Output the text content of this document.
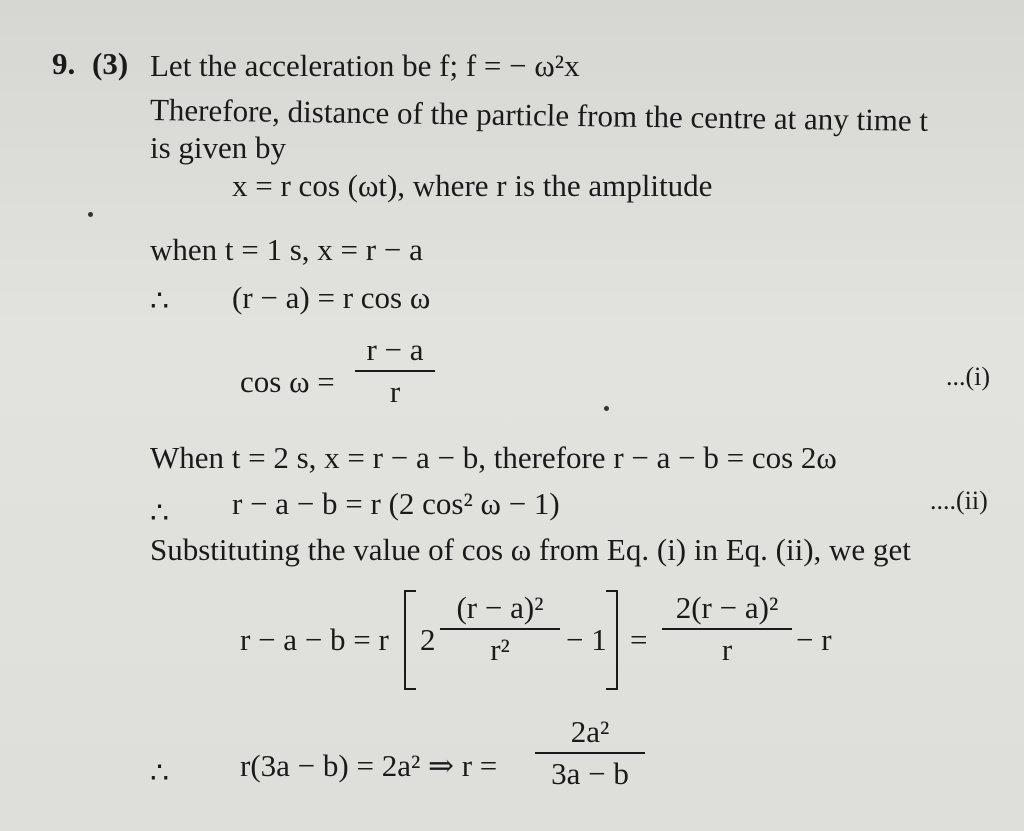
9. (3) Let the acceleration be f; f = − ω²x
Therefore, distance of the particle from the centre at any time t
is given by
x = r cos (ωt), where r is the amplitude
when t = 1 s, x = r − a
∴ (r − a) = r cos ω
cos ω =
r − a
r	...(i)
When t = 2 s, x = r − a − b, therefore r − a − b = cos 2ω
∴ r − a − b = r (2 cos² ω − 1)	....(ii)
Substituting the value of cos ω from Eq. (i) in Eq. (ii), we get
r − a − b = r 2
(r − a)²
r²	− 1 =
2(r − a)²
r	− r
∴ r(3a − b) = 2a² ⇒ r =
2a²
3a − b
